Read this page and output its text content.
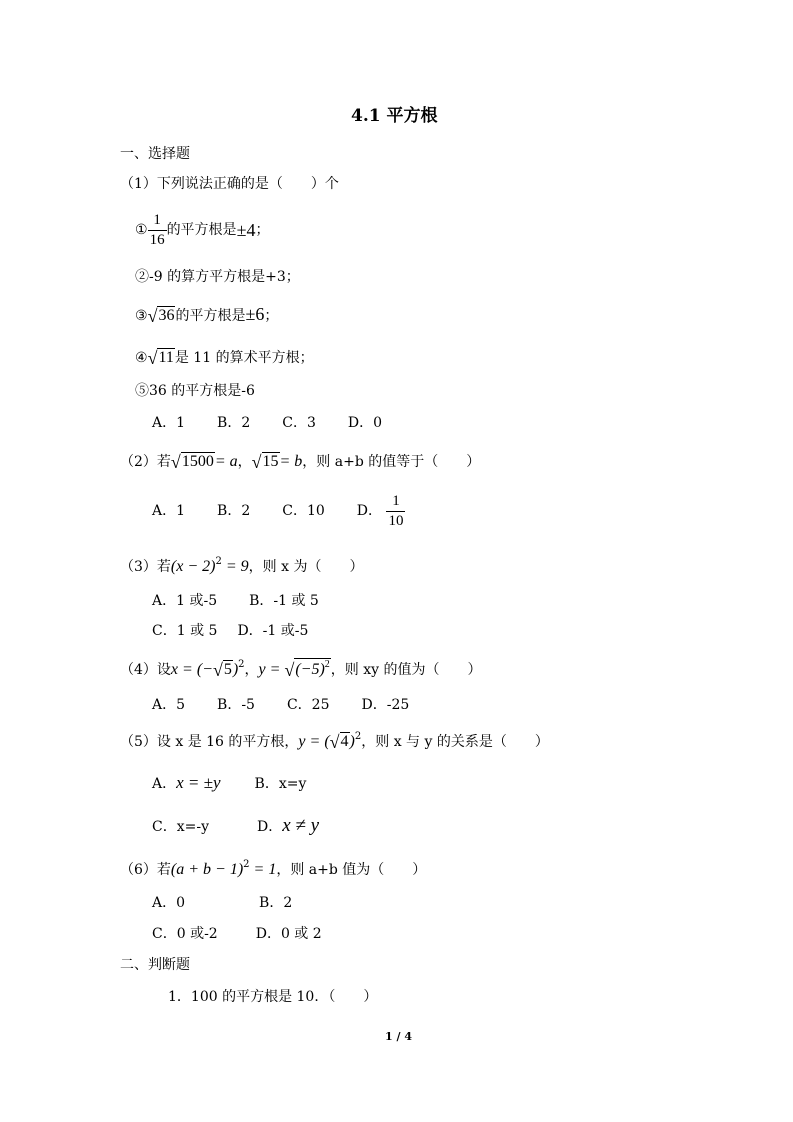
4.1 平方根
一、选择题
（1）下列说法正确的是（　　）个
① $\frac{1}{16}$ 的平方根是±4；
②-9 的算方平方根是+3；
③√36的平方根是±6；
④√11是 11 的算术平方根；
⑤36 的平方根是-6
A．1 B．2 C．3 D．0
（2）若√1500= a，√15= b，则 a+b 的值等于（　　）
A．1 B．2 C．10 D． $\frac{1}{10}$
（3）若$(x - 2)^2 = 9$，则 x 为（　　）
A．1 或-5 B．-1 或 5
C．1 或 5 D．-1 或-5
（4）设$x = (-√5)^2$，$y = √(-5)^2$，则 xy 的值为（　　）
A．5 B．-5 C．25 D．-25
（5）设 x 是 16 的平方根，$y = (√4)^2$，则 x 与 y 的关系是（　　）
A．x = ±y B．x=y
C．x=-y	D．x ≠ y
（6）若$(a + b - 1)^2 = 1$，则 a+b 值为（　　）
A．0	B．2
C．0 或-2	D．0 或 2
二、判断题
1．100 的平方根是 10．（　　）
1 / 4
